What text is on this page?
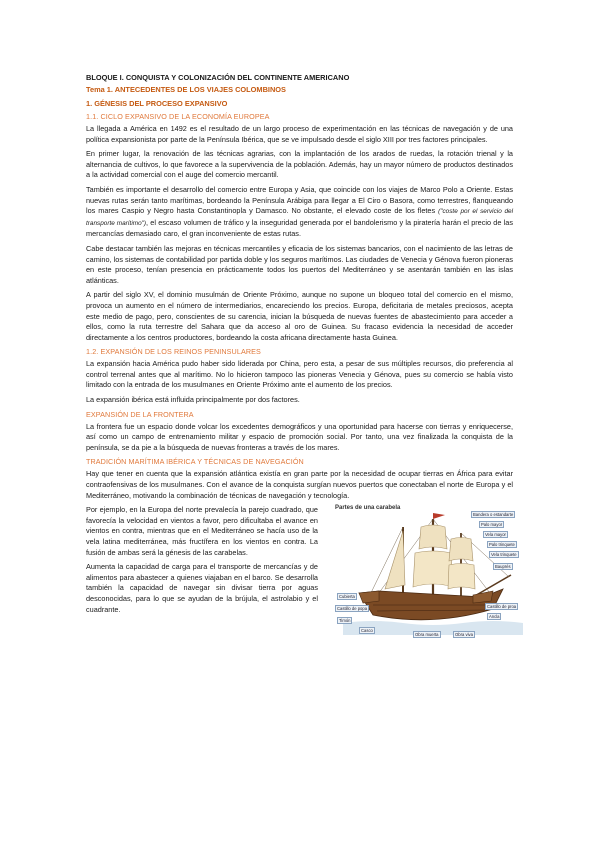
BLOQUE I. CONQUISTA Y COLONIZACIÓN DEL CONTINENTE AMERICANO
Tema 1. ANTECEDENTES DE LOS VIAJES COLOMBINOS
1. GÉNESIS DEL PROCESO EXPANSIVO
1.1. CICLO EXPANSIVO DE LA ECONOMÍA EUROPEA

La llegada a América en 1492 es el resultado de un largo proceso de experimentación en las técnicas de navegación y de una política expansionista por parte de la Península Ibérica, que se ve impulsado desde el siglo XIII por tres factores principales.

En primer lugar, la renovación de las técnicas agrarias, con la implantación de los arados de ruedas, la rotación trienal y la alternancia de cultivos, lo que favorece a la supervivencia de la población. Además, hay un mayor número de productos destinados a la actividad comercial con el auge del comercio mercantil.

También es importante el desarrollo del comercio entre Europa y Asia, que coincide con los viajes de Marco Polo a Oriente. Estas nuevas rutas serán tanto marítimas, bordeando la Península Arábiga para llegar a El Ciro o Basora, como terrestres, flanqueando los mares Caspio y Negro hasta Constantinopla y Damasco. No obstante, el elevado coste de los fletes ("coste por el servicio del transporte marítimo"), el escaso volumen de tráfico y la inseguridad generada por el bandolerismo y la piratería harán el precio de las mercancías demasiado caro, el gran inconveniente de estas rutas.

Cabe destacar también las mejoras en técnicas mercantiles y eficacia de los sistemas bancarios, con el nacimiento de las letras de camino, los sistemas de contabilidad por partida doble y los seguros marítimos. Las ciudades de Venecia y Génova fueron pioneras en este proceso, tenían presencia en prácticamente todos los puertos del Mediterráneo y se asentarán también en las islas atlánticas.

A partir del siglo XV, el dominio musulmán de Oriente Próximo, aunque no supone un bloqueo total del comercio en el mismo, provoca un aumento en el número de intermediarios, encareciendo los precios. Europa, deficitaria de metales preciosos, acepta este medio de pago, pero, conscientes de su carencia, inician la búsqueda de nuevas fuentes de abastecimiento para acceder a ellos, como la ruta terrestre del Sahara que da acceso al oro de Guinea. Su fracaso evidencia la necesidad de acceder directamente a los centros productores, bordeando la costa africana directamente hasta Guinea.

1.2. EXPANSIÓN DE LOS REINOS PENINSULARES

La expansión hacia América pudo haber sido liderada por China, pero esta, a pesar de sus múltiples recursos, dio preferencia al control terrenal antes que al marítimo. No lo hicieron tampoco las pioneras Venecia y Génova, pues su comercio se había visto limitado con la entrada de los musulmanes en Oriente Próximo ante el aumento de los precios.

La expansión ibérica está influida principalmente por dos factores.

EXPANSIÓN DE LA FRONTERA

La frontera fue un espacio donde volcar los excedentes demográficos y una oportunidad para hacerse con tierras y enriquecerse, así como un campo de entrenamiento militar y espacio de promoción social. Por tanto, una vez finalizada la conquista de la península, se da pie a la búsqueda de nuevas fronteras a través de los mares.

TRADICIÓN MARÍTIMA IBÉRICA Y TÉCNICAS DE NAVEGACIÓN

Hay que tener en cuenta que la expansión atlántica existía en gran parte por la necesidad de ocupar tierras en África para evitar contraofensivas de los musulmanes. Con el avance de la conquista surgían nuevos puertos que conectaban el norte de Europa y el Mediterráneo, motivando la combinación de técnicas de navegación y tecnología.

Por ejemplo, en la Europa del norte prevalecía la parejo cuadrado, que favorecía la velocidad en vientos a favor, pero dificultaba el avance en vientos en contra, mientras que en el Mediterráneo se hacía uso de la vela latina mediterránea, más fructífera en los vientos en contra. La fusión de ambas será la génesis de las carabelas.

Aumenta la capacidad de carga para el transporte de mercancías y de alimentos para abastecer a quienes viajaban en el barco. Se desarrolla también la capacidad de navegar sin divisar tierra por aguas desconocidas, para lo que se ayudan de la brújula, el astrolabio y el cuadrante.

Partes de una carabela
Bandera o estandarte
Palo mayor
Vela mayor
Palo trinquete
Vela trinquete
Bauprés
Castillo de popa	Castillo de proa
Timón
Casco
Ancla
Obra muerta	Obra viva
Cubierta
